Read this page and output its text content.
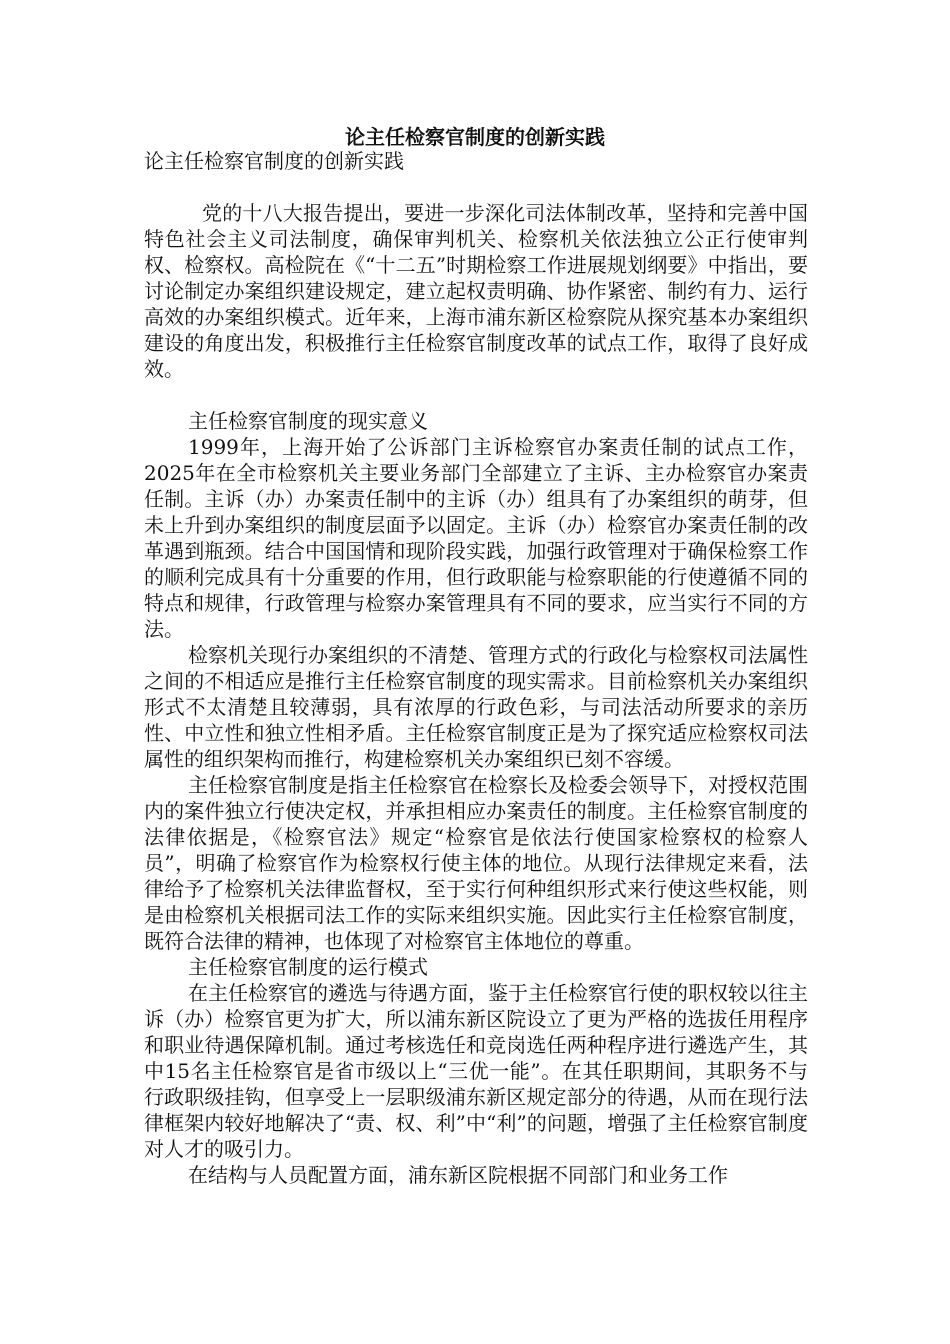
论主任检察官制度的创新实践

论主任检察官制度的创新实践

党的十八大报告提出，要进一步深化司法体制改革，坚持和完善中国特色社会主义司法制度，确保审判机关、检察机关依法独立公正行使审判权、检察权。高检院在《“十二五”时期检察工作进展规划纲要》中指出，要讨论制定办案组织建设规定，建立起权责明确、协作紧密、制约有力、运行高效的办案组织模式。近年来，上海市浦东新区检察院从探究基本办案组织建设的角度出发，积极推行主任检察官制度改革的试点工作，取得了良好成效。

主任检察官制度的现实意义

1999年，上海开始了公诉部门主诉检察官办案责任制的试点工作，2025年在全市检察机关主要业务部门全部建立了主诉、主办检察官办案责任制。主诉（办）办案责任制中的主诉（办）组具有了办案组织的萌芽，但未上升到办案组织的制度层面予以固定。主诉（办）检察官办案责任制的改革遇到瓶颈。结合中国国情和现阶段实践，加强行政管理对于确保检察工作的顺利完成具有十分重要的作用，但行政职能与检察职能的行使遵循不同的特点和规律，行政管理与检察办案管理具有不同的要求，应当实行不同的方法。

检察机关现行办案组织的不清楚、管理方式的行政化与检察权司法属性之间的不相适应是推行主任检察官制度的现实需求。目前检察机关办案组织形式不太清楚且较薄弱，具有浓厚的行政色彩，与司法活动所要求的亲历性、中立性和独立性相矛盾。主任检察官制度正是为了探究适应检察权司法属性的组织架构而推行，构建检察机关办案组织已刻不容缓。

主任检察官制度是指主任检察官在检察长及检委会领导下，对授权范围内的案件独立行使决定权，并承担相应办案责任的制度。主任检察官制度的法律依据是，《检察官法》规定“检察官是依法行使国家检察权的检察人员”，明确了检察官作为检察权行使主体的地位。从现行法律规定来看，法律给予了检察机关法律监督权，至于实行何种组织形式来行使这些权能，则是由检察机关根据司法工作的实际来组织实施。因此实行主任检察官制度，既符合法律的精神，也体现了对检察官主体地位的尊重。

主任检察官制度的运行模式

在主任检察官的遴选与待遇方面，鉴于主任检察官行使的职权较以往主诉（办）检察官更为扩大，所以浦东新区院设立了更为严格的选拔任用程序和职业待遇保障机制。通过考核选任和竞岗选任两种程序进行遴选产生，其中15名主任检察官是省市级以上“三优一能”。在其任职期间，其职务不与行政职级挂钩，但享受上一层职级浦东新区规定部分的待遇，从而在现行法律框架内较好地解决了“责、权、利”中“利”的问题，增强了主任检察官制度对人才的吸引力。

在结构与人员配置方面，浦东新区院根据不同部门和业务工作
